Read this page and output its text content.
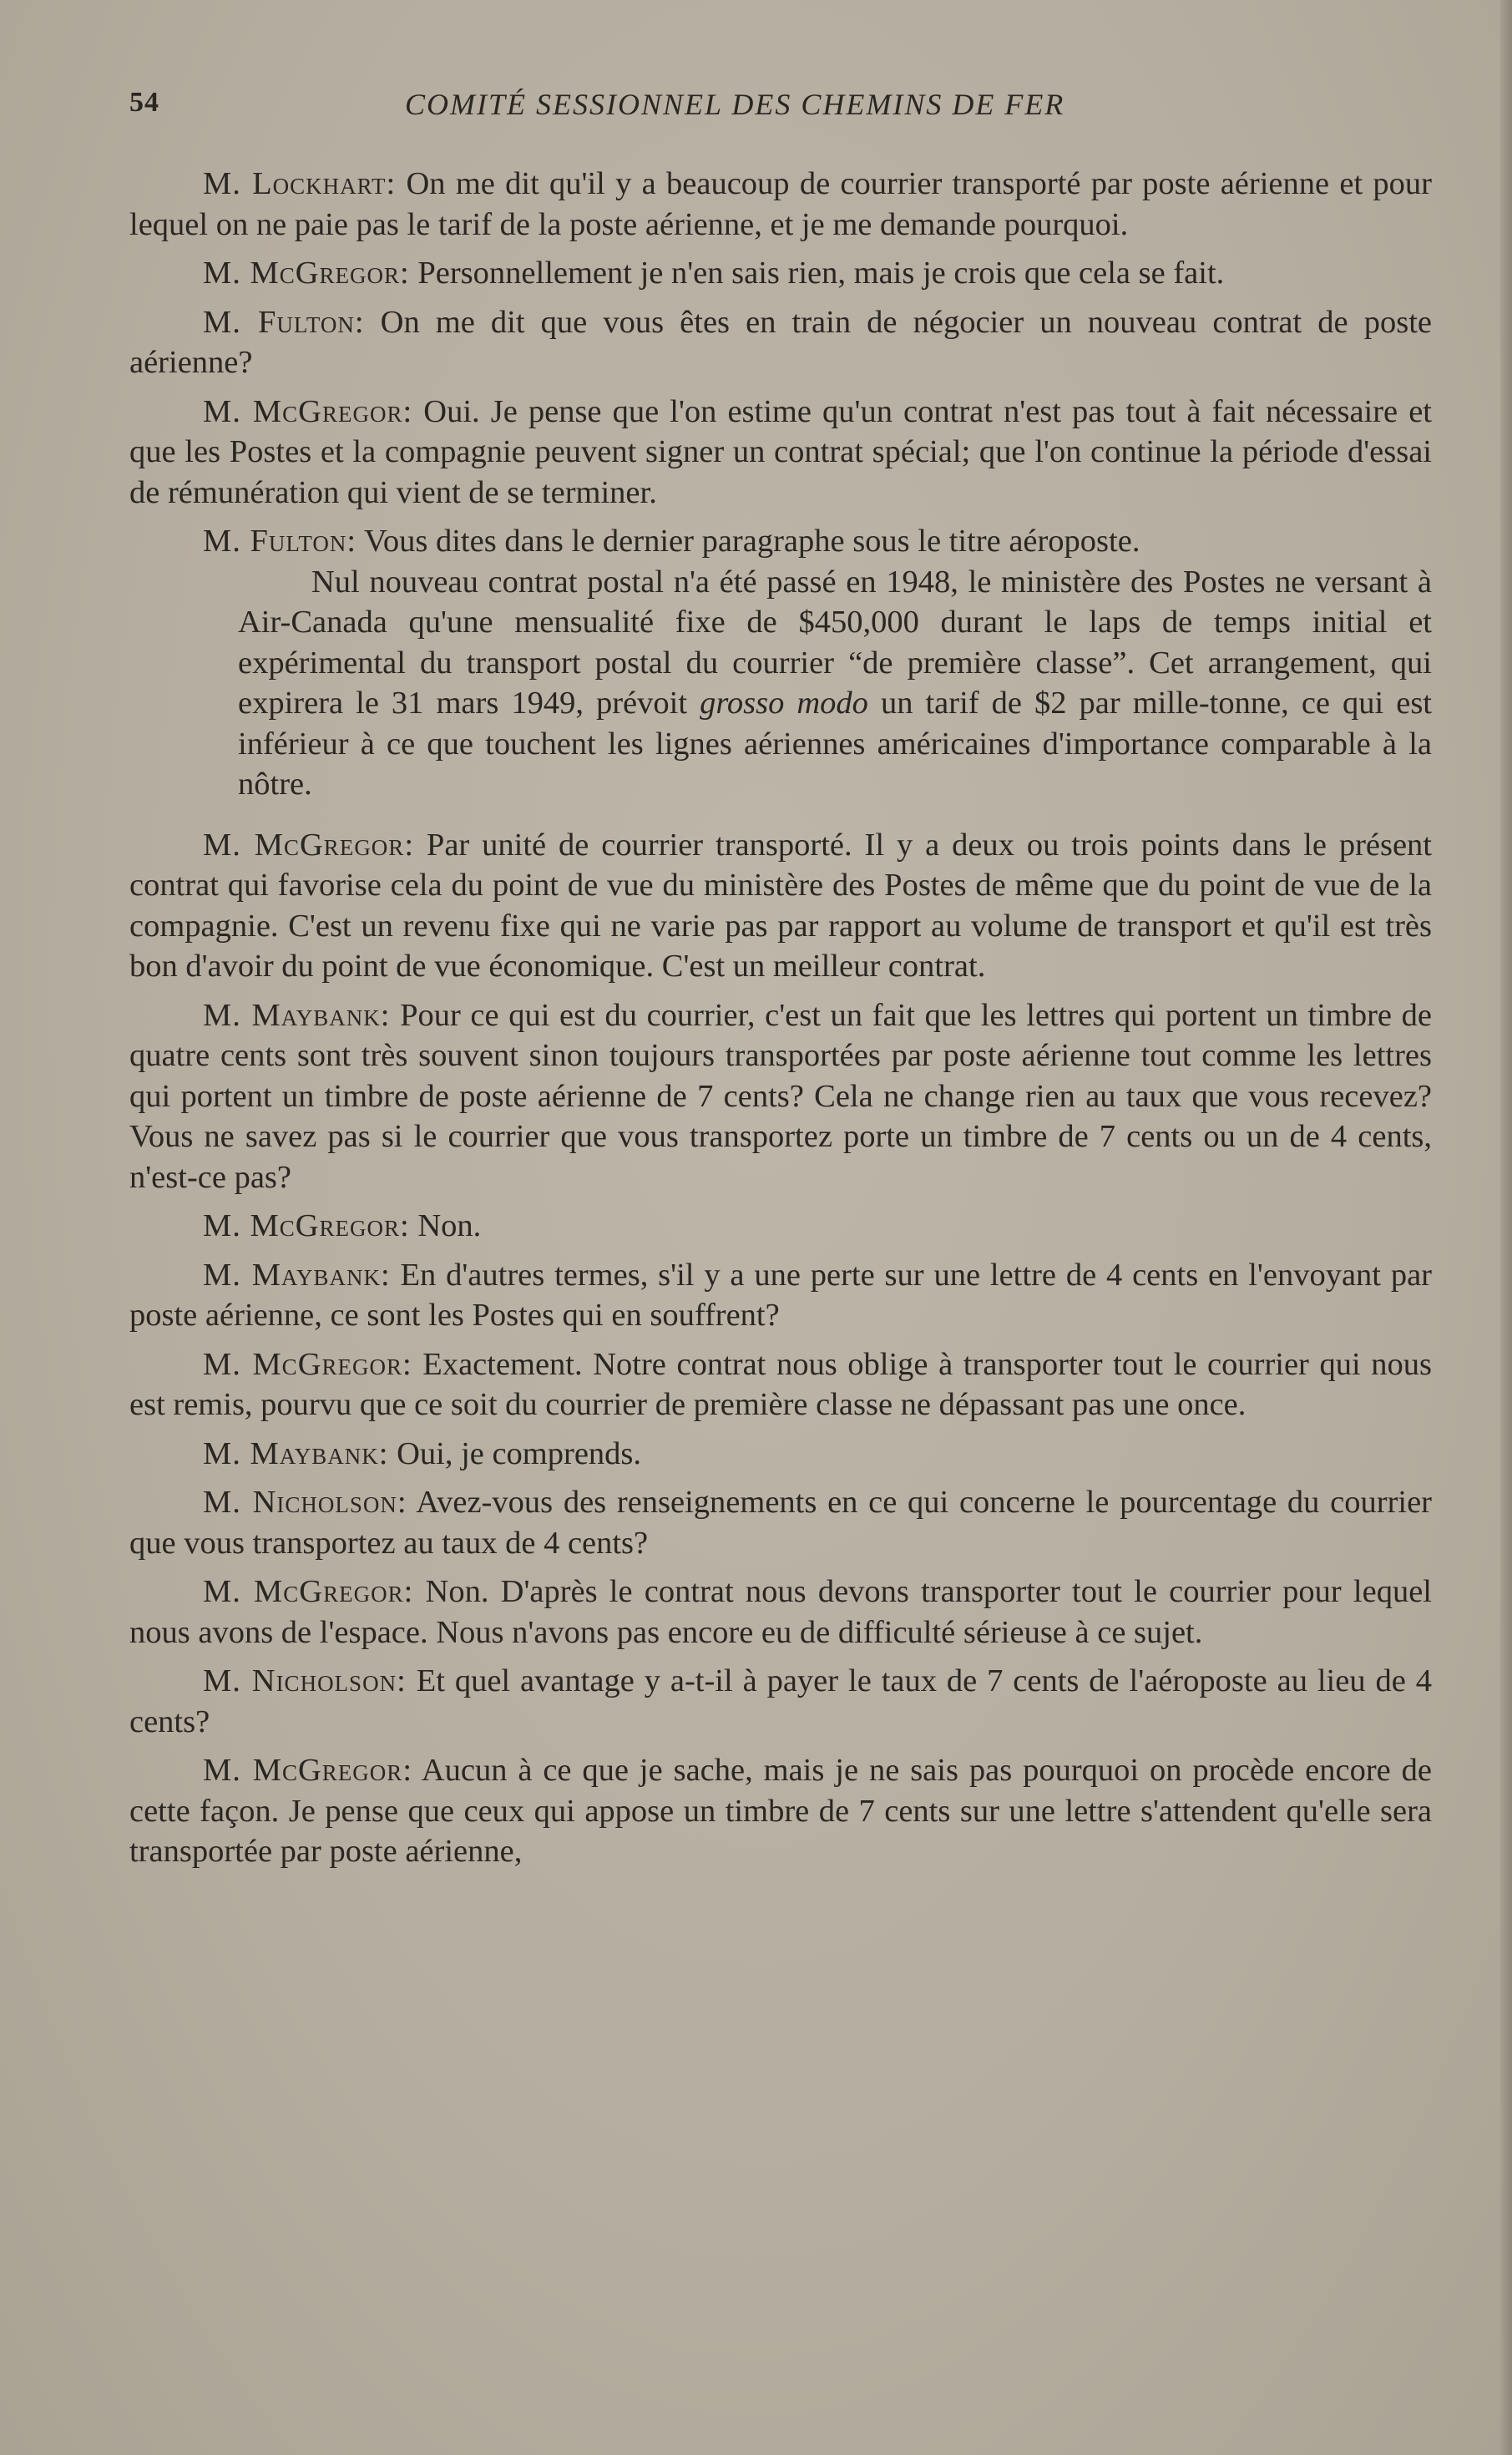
54	COMITÉ SESSIONNEL DES CHEMINS DE FER

M. Lockhart: On me dit qu'il y a beaucoup de courrier transporté par poste aérienne et pour lequel on ne paie pas le tarif de la poste aérienne, et je me demande pourquoi.

M. McGregor: Personnellement je n'en sais rien, mais je crois que cela se fait.

M. Fulton: On me dit que vous êtes en train de négocier un nouveau contrat de poste aérienne?

M. McGregor: Oui. Je pense que l'on estime qu'un contrat n'est pas tout à fait nécessaire et que les Postes et la compagnie peuvent signer un contrat spécial; que l'on continue la période d'essai de rémunération qui vient de se terminer.

M. Fulton: Vous dites dans le dernier paragraphe sous le titre aéroposte.

Nul nouveau contrat postal n'a été passé en 1948, le ministère des Postes ne versant à Air-Canada qu'une mensualité fixe de $450,000 durant le laps de temps initial et expérimental du transport postal du courrier “de première classe”. Cet arrangement, qui expirera le 31 mars 1949, prévoit grosso modo un tarif de $2 par mille-tonne, ce qui est inférieur à ce que touchent les lignes aériennes américaines d'importance comparable à la nôtre.

M. McGregor: Par unité de courrier transporté. Il y a deux ou trois points dans le présent contrat qui favorise cela du point de vue du ministère des Postes de même que du point de vue de la compagnie. C'est un revenu fixe qui ne varie pas par rapport au volume de transport et qu'il est très bon d'avoir du point de vue économique. C'est un meilleur contrat.

M. Maybank: Pour ce qui est du courrier, c'est un fait que les lettres qui portent un timbre de quatre cents sont très souvent sinon toujours transportées par poste aérienne tout comme les lettres qui portent un timbre de poste aérienne de 7 cents? Cela ne change rien au taux que vous recevez? Vous ne savez pas si le courrier que vous transportez porte un timbre de 7 cents ou un de 4 cents, n'est-ce pas?

M. McGregor: Non.

M. Maybank: En d'autres termes, s'il y a une perte sur une lettre de 4 cents en l'envoyant par poste aérienne, ce sont les Postes qui en souffrent?

M. McGregor: Exactement. Notre contrat nous oblige à transporter tout le courrier qui nous est remis, pourvu que ce soit du courrier de première classe ne dépassant pas une once.

M. Maybank: Oui, je comprends.

M. Nicholson: Avez-vous des renseignements en ce qui concerne le pourcentage du courrier que vous transportez au taux de 4 cents?

M. McGregor: Non. D'après le contrat nous devons transporter tout le courrier pour lequel nous avons de l'espace. Nous n'avons pas encore eu de difficulté sérieuse à ce sujet.

M. Nicholson: Et quel avantage y a-t-il à payer le taux de 7 cents de l'aéroposte au lieu de 4 cents?

M. McGregor: Aucun à ce que je sache, mais je ne sais pas pourquoi on procède encore de cette façon. Je pense que ceux qui appose un timbre de 7 cents sur une lettre s'attendent qu'elle sera transportée par poste aérienne,
